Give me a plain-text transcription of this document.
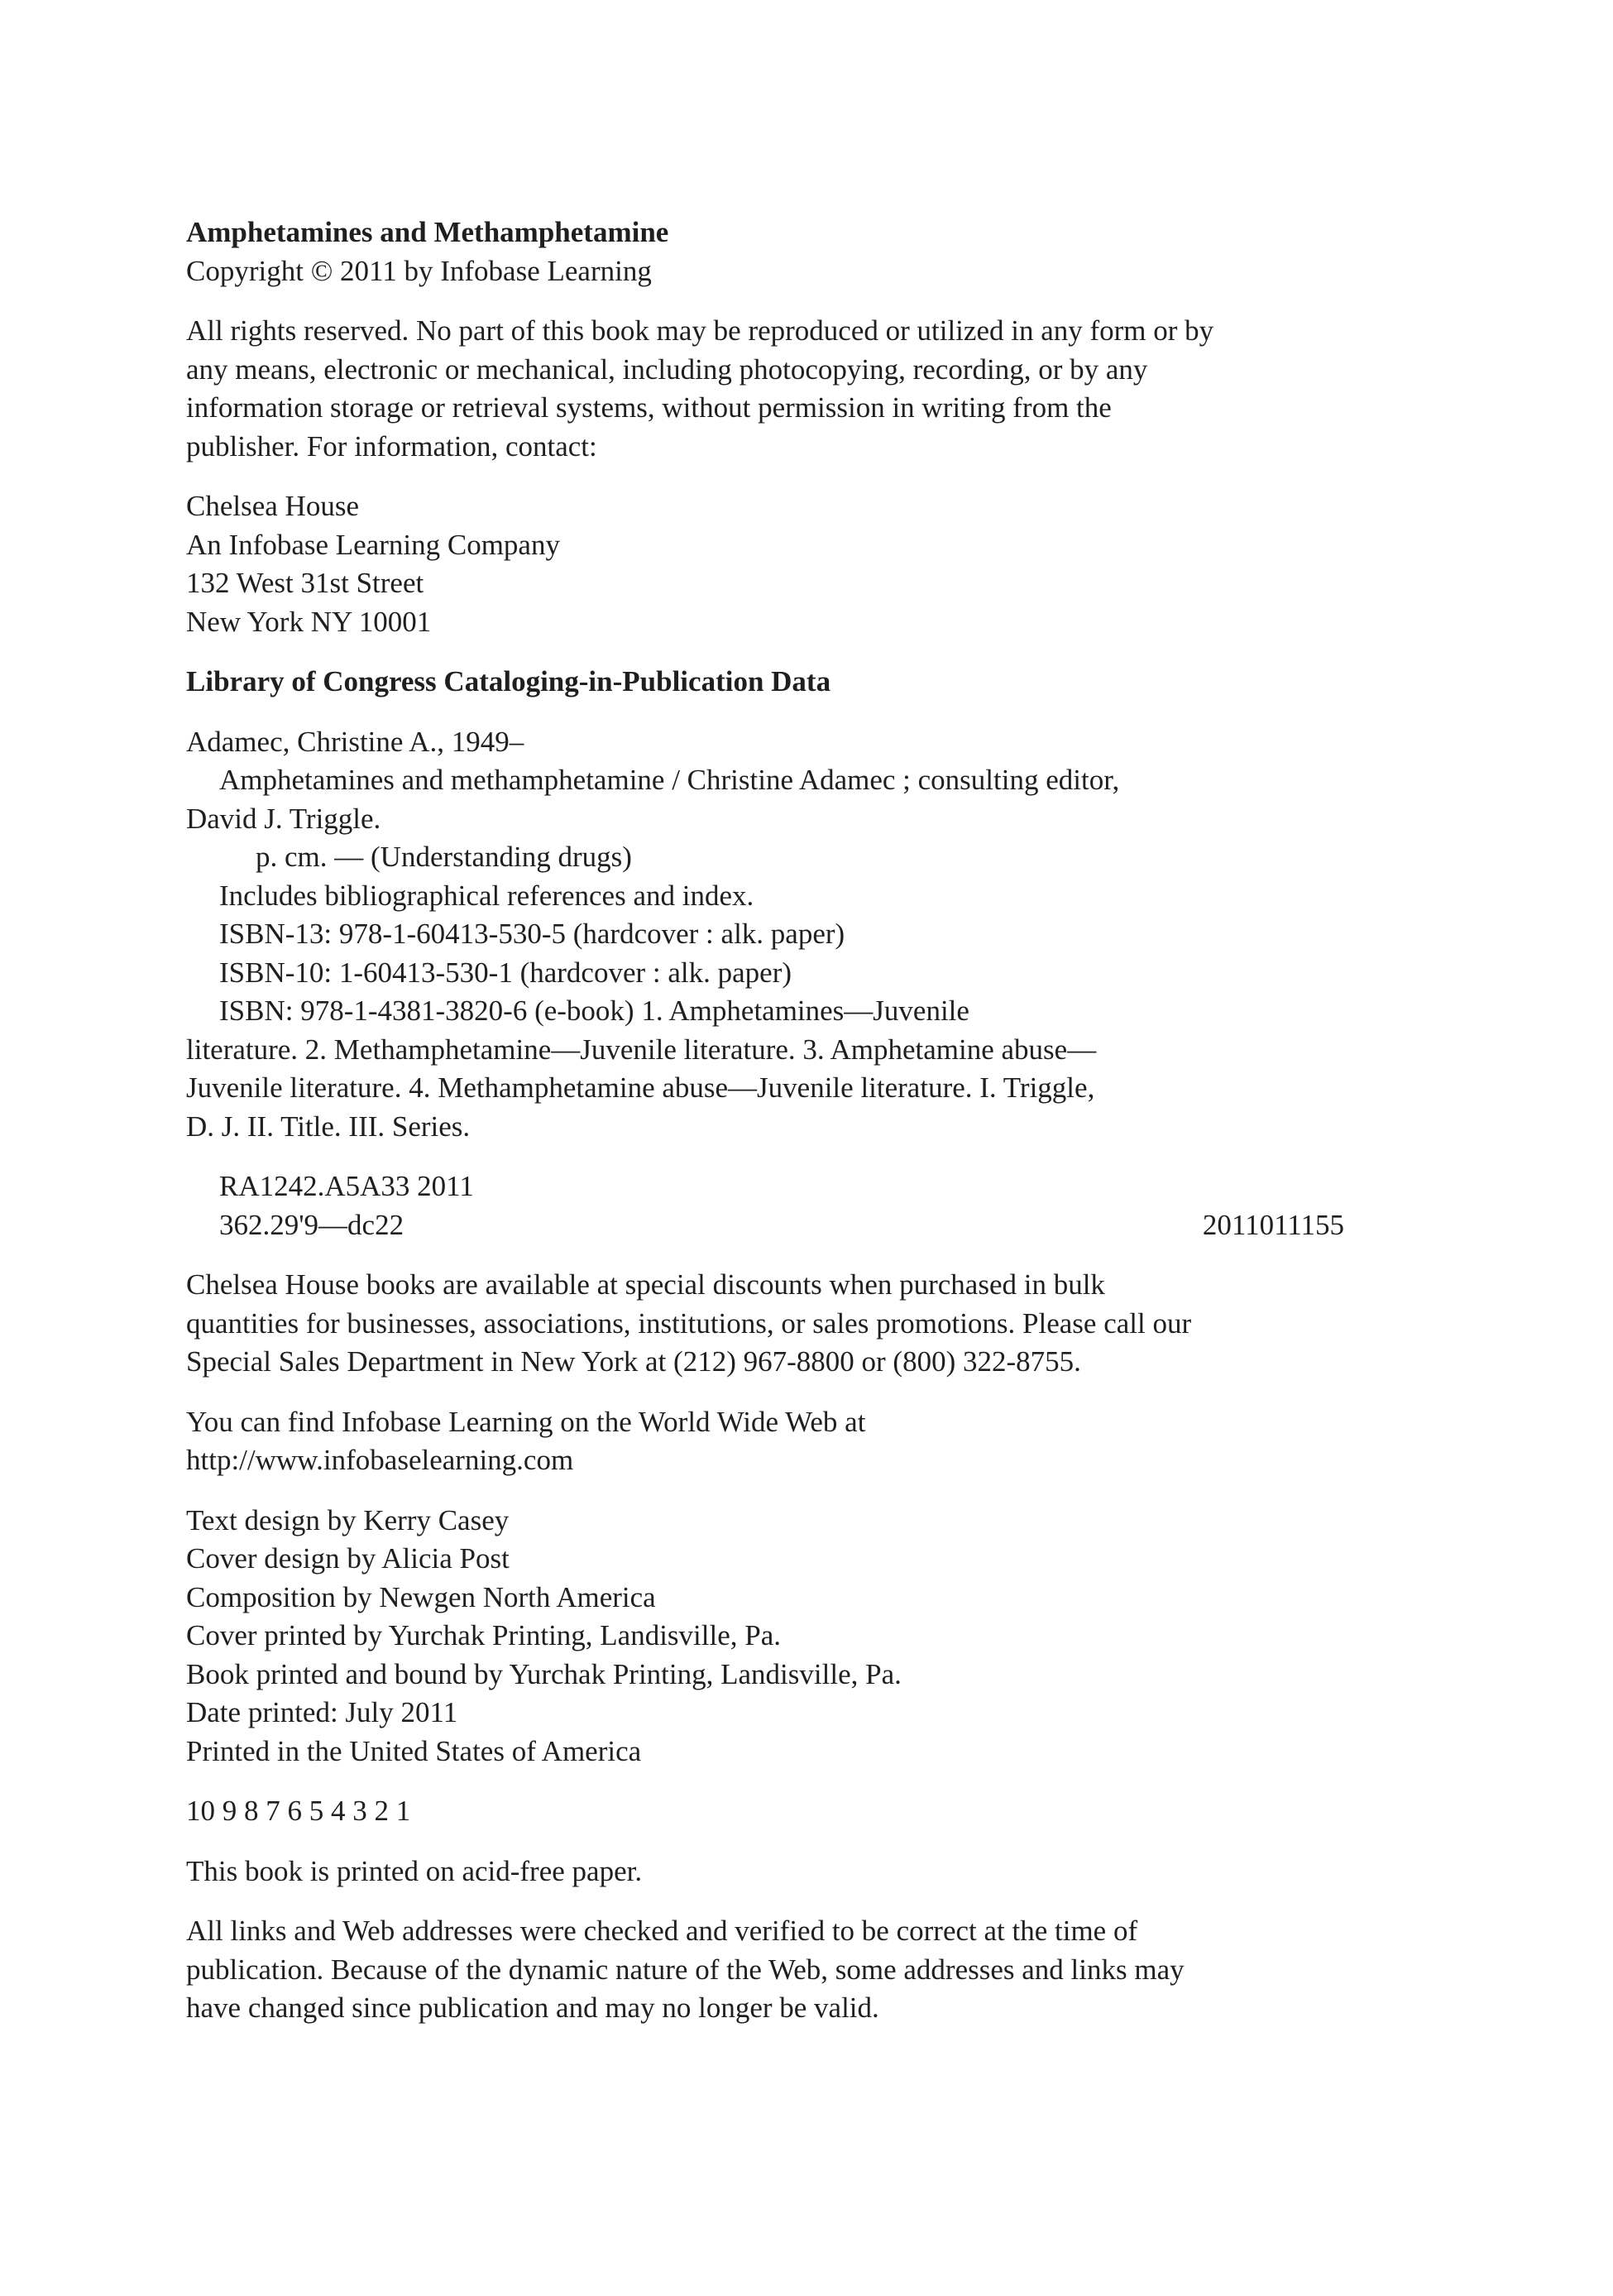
Amphetamines and Methamphetamine
Copyright © 2011 by Infobase Learning
All rights reserved. No part of this book may be reproduced or utilized in any form or by
any means, electronic or mechanical, including photocopying, recording, or by any
information storage or retrieval systems, without permission in writing from the
publisher. For information, contact:
Chelsea House
An Infobase Learning Company
132 West 31st Street
New York NY 10001
Library of Congress Cataloging-in-Publication Data
Adamec, Christine A., 1949–
Amphetamines and methamphetamine / Christine Adamec ; consulting editor,
David J. Triggle.
p. cm. — (Understanding drugs)
Includes bibliographical references and index.
ISBN-13: 978-1-60413-530-5 (hardcover : alk. paper)
ISBN-10: 1-60413-530-1 (hardcover : alk. paper)
ISBN: 978-1-4381-3820-6 (e-book) 1. Amphetamines—Juvenile
literature. 2. Methamphetamine—Juvenile literature. 3. Amphetamine abuse—
Juvenile literature. 4. Methamphetamine abuse—Juvenile literature. I. Triggle,
D. J. II. Title. III. Series.
RA1242.A5A33 2011
362.29'9—dc22	2011011155
Chelsea House books are available at special discounts when purchased in bulk
quantities for businesses, associations, institutions, or sales promotions. Please call our
Special Sales Department in New York at (212) 967-8800 or (800) 322-8755.
You can find Infobase Learning on the World Wide Web at
http://www.infobaselearning.com
Text design by Kerry Casey
Cover design by Alicia Post
Composition by Newgen North America
Cover printed by Yurchak Printing, Landisville, Pa.
Book printed and bound by Yurchak Printing, Landisville, Pa.
Date printed: July 2011
Printed in the United States of America
10 9 8 7 6 5 4 3 2 1
This book is printed on acid-free paper.
All links and Web addresses were checked and verified to be correct at the time of
publication. Because of the dynamic nature of the Web, some addresses and links may
have changed since publication and may no longer be valid.
